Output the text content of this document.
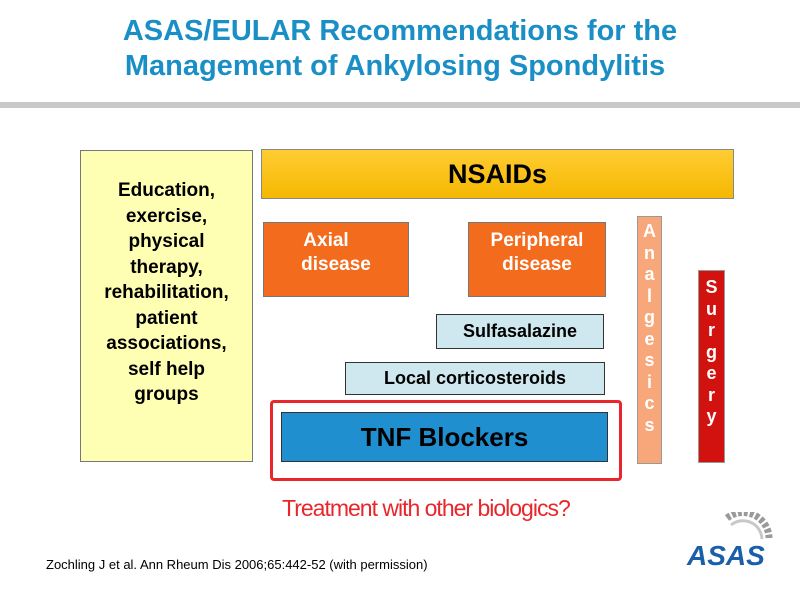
ASAS/EULAR Recommendations for the
Management of Ankylosing Spondylitis
Education,
exercise,
physical
therapy,
rehabilitation,
patient
associations,
self help
groups
NSAIDs
Axial
disease
Peripheral
disease
Sulfasalazine
Local corticosteroids
TNF Blockers
A
n
a
l
g
e
s
i
c
s
S
u
r
g
e
r
y
Treatment with other biologics?
Zochling J et al. Ann Rheum Dis 2006;65:442-52 (with permission)	ASAS
